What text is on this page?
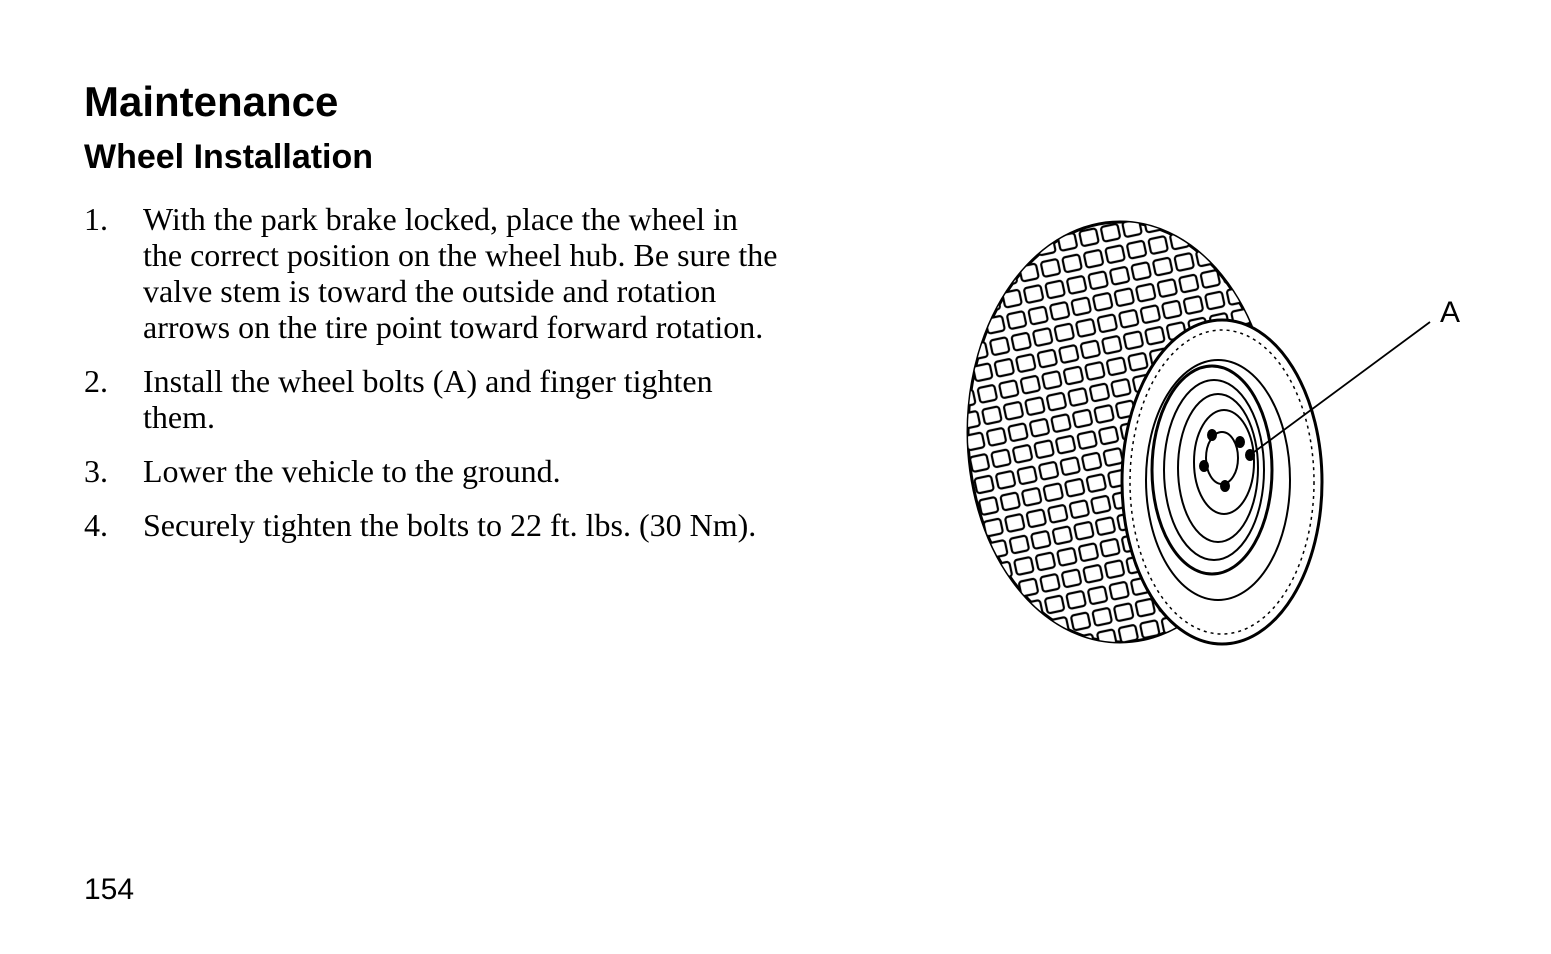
Maintenance
Wheel Installation
1.	With the park brake locked, place the wheel in the correct position on the wheel hub. Be sure the valve stem is toward the outside and rotation arrows on the tire point toward forward rotation.
2.	Install the wheel bolts (A) and finger tighten them.
3.	Lower the vehicle to the ground.
4.	Securely tighten the bolts to 22 ft. lbs. (30 Nm).
A

154
